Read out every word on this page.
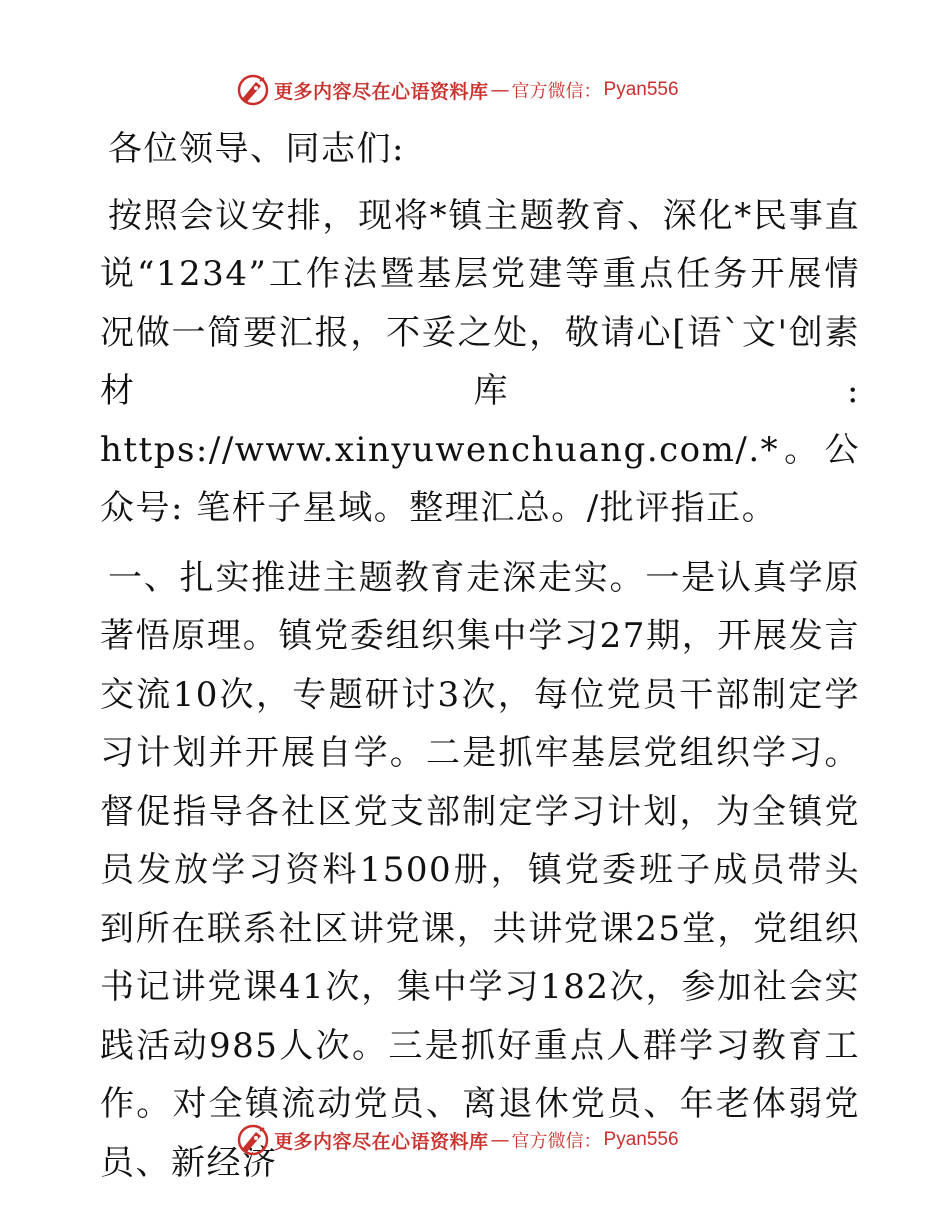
更多内容尽在心语资料库 — 官方微信： Pyan556

各位领导、同志们:

按照会议安排，现将*镇主题教育、深化*民事直说“1234”工作法暨基层党建等重点任务开展情况做一简要汇报，不妥之处，敬请心[语`文'创素材库: https://www.xinyuwenchuang.com/.*。公众号: 笔杆子星域。整理汇总。/批评指正。

一、扎实推进主题教育走深走实。一是认真学原著悟原理。镇党委组织集中学习27期，开展发言交流10次，专题研讨3次，每位党员干部制定学习计划并开展自学。二是抓牢基层党组织学习。督促指导各社区党支部制定学习计划，为全镇党员发放学习资料1500册，镇党委班子成员带头到所在联系社区讲党课，共讲党课25堂，党组织书记讲党课41次，集中学习182次，参加社会实践活动985人次。三是抓好重点人群学习教育工作。对全镇流动党员、离退休党员、年老体弱党员、新经济

更多内容尽在心语资料库 — 官方微信： Pyan556
